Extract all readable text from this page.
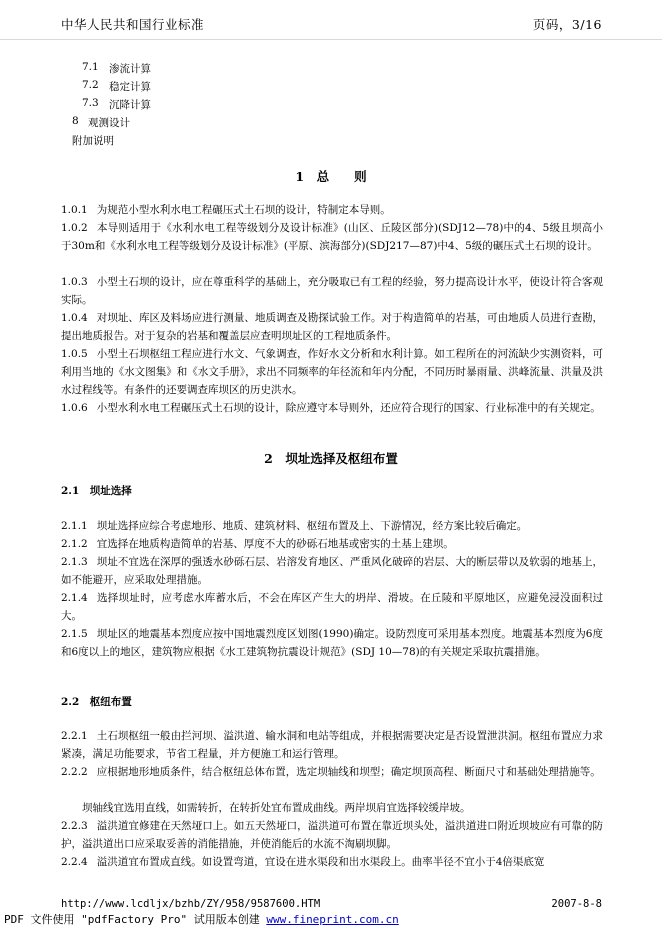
中华人民共和国行业标准	页码，3/16
7.1 渗流计算
7.2 稳定计算
7.3 沉降计算
8 观测设计
附加说明
1　总　　则
1.0.1 为规范小型水利水电工程碾压式土石坝的设计，特制定本导则。
1.0.2 本导则适用于《水利水电工程等级划分及设计标准》(山区、丘陵区部分)(SDJ12—78)中的4、5级且坝高小于30m和《水利水电工程等级划分及设计标准》(平原、滨海部分)(SDJ217—87)中4、5级的碾压式土石坝的设计。
1.0.3 小型土石坝的设计，应在尊重科学的基础上，充分吸取已有工程的经验，努力提高设计水平，使设计符合客观实际。
1.0.4 对坝址、库区及料场应进行测量、地质调查及勘探试验工作。对于构造简单的岩基，可由地质人员进行查勘，提出地质报告。对于复杂的岩基和覆盖层应查明坝址区的工程地质条件。
1.0.5 小型土石坝枢纽工程应进行水文、气象调查，作好水文分析和水利计算。如工程所在的河流缺少实测资料，可利用当地的《水文图集》和《水文手册》，求出不同频率的年径流和年内分配，不同历时暴雨量、洪峰流量、洪量及洪水过程线等。有条件的还要调查库坝区的历史洪水。
1.0.6 小型水利水电工程碾压式土石坝的设计，除应遵守本导则外，还应符合现行的国家、行业标准中的有关规定。
2　坝址选择及枢纽布置
2.1　坝址选择
2.1.1 坝址选择应综合考虑地形、地质、建筑材料、枢纽布置及上、下游情况，经方案比较后确定。
2.1.2 宜选择在地质构造简单的岩基、厚度不大的砂砾石地基或密实的土基上建坝。
2.1.3 坝址不宜选在深厚的强透水砂砾石层、岩溶发育地区、严重风化破碎的岩层、大的断层带以及软弱的地基上，如不能避开，应采取处理措施。
2.1.4 选择坝址时，应考虑水库蓄水后，不会在库区产生大的坍岸、滑坡。在丘陵和平原地区，应避免浸没面积过大。
2.1.5 坝址区的地震基本烈度应按中国地震烈度区划图(1990)确定。设防烈度可采用基本烈度。地震基本烈度为6度和6度以上的地区，建筑物应根据《水工建筑物抗震设计规范》(SDJ 10—78)的有关规定采取抗震措施。
2.2　枢纽布置
2.2.1 土石坝枢纽一般由拦河坝、溢洪道、输水洞和电站等组成，并根据需要决定是否设置泄洪洞。枢纽布置应力求紧凑，满足功能要求，节省工程量，并方便施工和运行管理。
2.2.2 应根据地形地质条件，结合枢纽总体布置，选定坝轴线和坝型；确定坝顶高程、断面尺寸和基础处理措施等。
坝轴线宜选用直线，如需转折，在转折处宜布置成曲线。两岸坝肩宜选择较缓岸坡。
2.2.3 溢洪道宜修建在天然垭口上。如五天然垭口，溢洪道可布置在靠近坝头处，溢洪道进口附近坝坡应有可靠的防护，溢洪道出口应采取妥善的消能措施，并使消能后的水流不淘刷坝脚。
2.2.4 溢洪道宜布置成直线。如设置弯道，宜设在进水渠段和出水渠段上。曲率半径不宜小于4倍渠底宽
http://www.lcdljx/bzhb/ZY/958/9587600.HTM	2007-8-8
PDF 文件使用 "pdfFactory Pro" 试用版本创建 www.fineprint.com.cn
